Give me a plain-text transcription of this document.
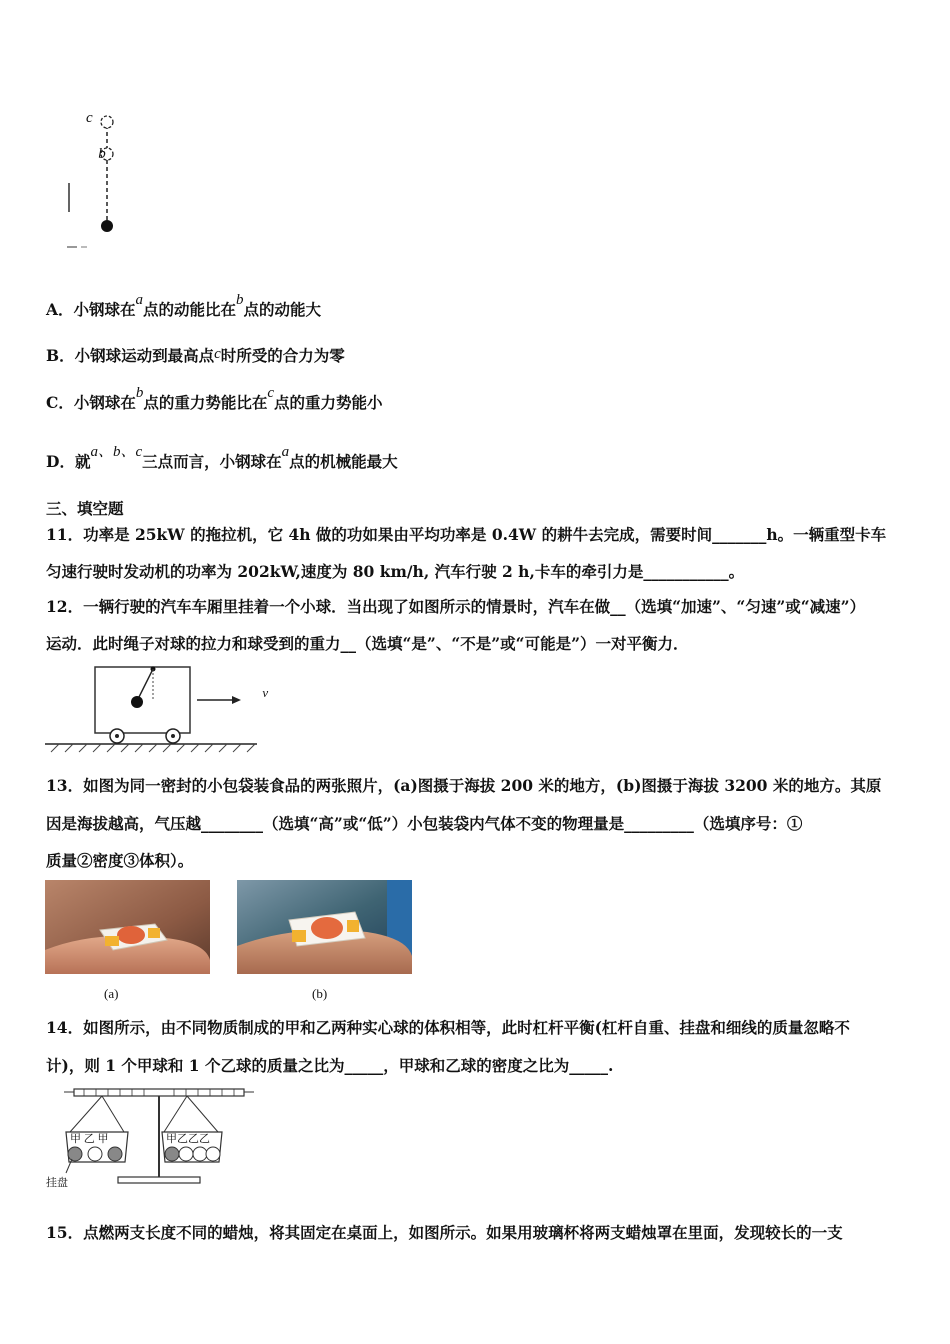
c b
A．小钢球在a点的动能比在b点的动能大
B．小钢球运动到最高点c时所受的合力为零
C．小钢球在b点的重力势能比在c点的重力势能小
D．就a、b、c三点而言，小钢球在a点的机械能最大
三、填空题
11．功率是 25kW 的拖拉机，它 4h 做的功如果由平均功率是 0.4W 的耕牛去完成，需要时间_______h。一辆重型卡车
匀速行驶时发动机的功率为 202kW,速度为 80 km/h, 汽车行驶 2 h,卡车的牵引力是___________。
12．一辆行驶的汽车车厢里挂着一个小球．当出现了如图所示的情景时，汽车在做__（选填“加速”、“匀速”或“减速”）
运动．此时绳子对球的拉力和球受到的重力__（选填“是”、“不是”或“可能是”）一对平衡力．
$_v$
13．如图为同一密封的小包袋装食品的两张照片，(a)图摄于海拔 200 米的地方，(b)图摄于海拔 3200 米的地方。其原
因是海拔越高，气压越________（选填“高”或“低”）小包装袋内气体不变的物理量是_________（选填序号：①
质量②密度③体积）。
(a)	(b)
14．如图所示，由不同物质制成的甲和乙两种实心球的体积相等，此时杠杆平衡(杠杆自重、挂盘和细线的质量忽略不
计)，则 1 个甲球和 1 个乙球的质量之比为_____，甲球和乙球的密度之比为_____.
甲 乙 甲	甲乙乙乙
挂盘
15．点燃两支长度不同的蜡烛，将其固定在桌面上，如图所示。如果用玻璃杯将两支蜡烛罩在里面，发现较长的一支
